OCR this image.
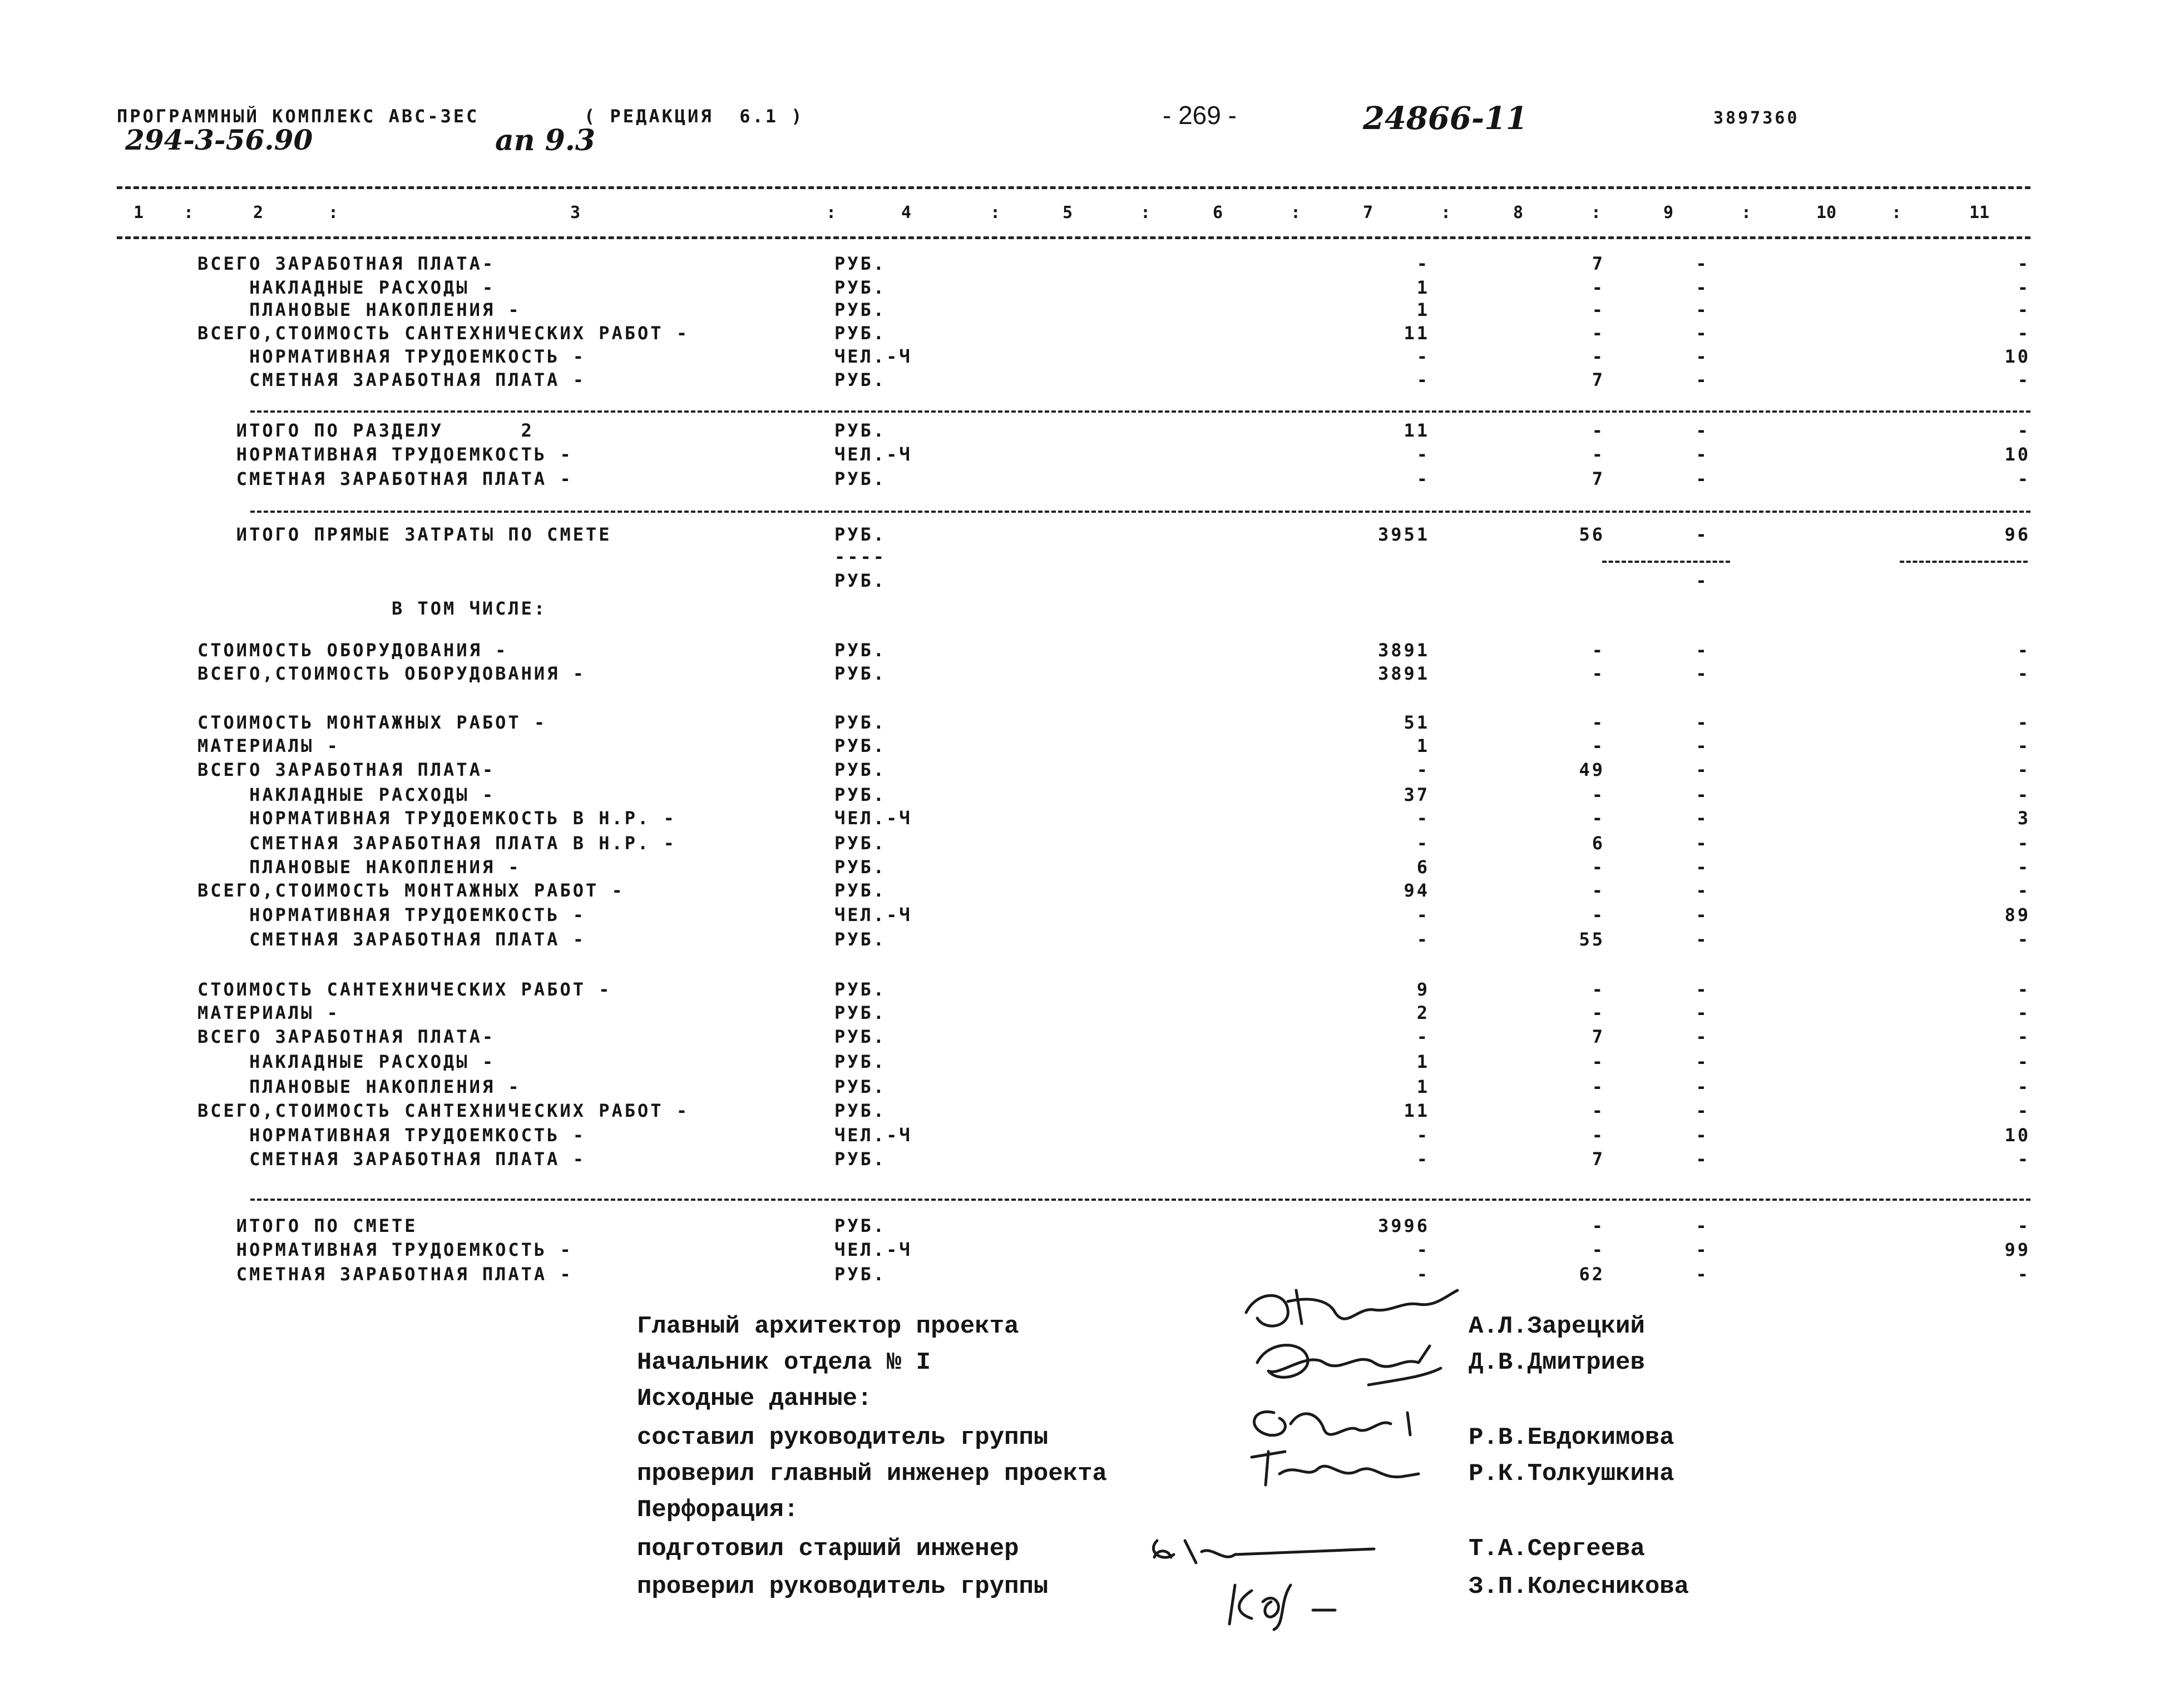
ПРОГРАММНЫЙ КОМПЛЕКС АВС-ЗЕС	( РЕДАКЦИЯ  6.1 )
294-3-56.90	ап 9.3
- 269 -	24866-11	3897360
1	2	3	4	5	6	7	8	9	10	11
:	:	:	:	:	:	:	:	:	:
ВСЕГО ЗАРАБОТНАЯ ПЛАТА-	РУБ.	-	7	-	-
НАКЛАДНЫЕ РАСХОДЫ -	РУБ.	1	-	-	-
ПЛАНОВЫЕ НАКОПЛЕНИЯ -	РУБ.	1	-	-	-
ВСЕГО,СТОИМОСТЬ САНТЕХНИЧЕСКИХ РАБОТ -	РУБ.	11	-	-	-
НОРМАТИВНАЯ ТРУДОЕМКОСТЬ -	ЧЕЛ.-Ч	-	-	-	10
СМЕТНАЯ ЗАРАБОТНАЯ ПЛАТА -	РУБ.	-	7	-	-
ИТОГО ПО РАЗДЕЛУ      2	РУБ.	11	-	-	-
НОРМАТИВНАЯ ТРУДОЕМКОСТЬ -	ЧЕЛ.-Ч	-	-	-	10
СМЕТНАЯ ЗАРАБОТНАЯ ПЛАТА -	РУБ.	-	7	-	-
ИТОГО ПРЯМЫЕ ЗАТРАТЫ ПО СМЕТЕ	РУБ.	3951	56	-	96
----
РУБ.	-
В ТОМ ЧИСЛЕ:
СТОИМОСТЬ ОБОРУДОВАНИЯ -	РУБ.	3891	-	-	-
ВСЕГО,СТОИМОСТЬ ОБОРУДОВАНИЯ -	РУБ.	3891	-	-	-
СТОИМОСТЬ МОНТАЖНЫХ РАБОТ -	РУБ.	51	-	-	-
МАТЕРИАЛЫ -	РУБ.	1	-	-	-
ВСЕГО ЗАРАБОТНАЯ ПЛАТА-	РУБ.	-	49	-	-
НАКЛАДНЫЕ РАСХОДЫ -	РУБ.	37	-	-	-
НОРМАТИВНАЯ ТРУДОЕМКОСТЬ В Н.Р. -	ЧЕЛ.-Ч	-	-	-	3
СМЕТНАЯ ЗАРАБОТНАЯ ПЛАТА В Н.Р. -	РУБ.	-	6	-	-
ПЛАНОВЫЕ НАКОПЛЕНИЯ -	РУБ.	6	-	-	-
ВСЕГО,СТОИМОСТЬ МОНТАЖНЫХ РАБОТ -	РУБ.	94	-	-	-
НОРМАТИВНАЯ ТРУДОЕМКОСТЬ -	ЧЕЛ.-Ч	-	-	-	89
СМЕТНАЯ ЗАРАБОТНАЯ ПЛАТА -	РУБ.	-	55	-	-
СТОИМОСТЬ САНТЕХНИЧЕСКИХ РАБОТ -	РУБ.	9	-	-	-
МАТЕРИАЛЫ -	РУБ.	2	-	-	-
ВСЕГО ЗАРАБОТНАЯ ПЛАТА-	РУБ.	-	7	-	-
НАКЛАДНЫЕ РАСХОДЫ -	РУБ.	1	-	-	-
ПЛАНОВЫЕ НАКОПЛЕНИЯ -	РУБ.	1	-	-	-
ВСЕГО,СТОИМОСТЬ САНТЕХНИЧЕСКИХ РАБОТ -	РУБ.	11	-	-	-
НОРМАТИВНАЯ ТРУДОЕМКОСТЬ -	ЧЕЛ.-Ч	-	-	-	10
СМЕТНАЯ ЗАРАБОТНАЯ ПЛАТА -	РУБ.	-	7	-	-
ИТОГО ПО СМЕТЕ	РУБ.	3996	-	-	-
НОРМАТИВНАЯ ТРУДОЕМКОСТЬ -	ЧЕЛ.-Ч	-	-	-	99
СМЕТНАЯ ЗАРАБОТНАЯ ПЛАТА -	РУБ.	-	62	-	-
Главный архитектор проекта	А.Л.Зарецкий
Начальник отдела № I	Д.В.Дмитриев
Исходные данные:
составил руководитель группы	Р.В.Евдокимова
проверил главный инженер проекта	Р.К.Толкушкина
Перфорация:
подготовил старший инженер	Т.А.Сергеева
проверил руководитель группы	З.П.Колесникова
